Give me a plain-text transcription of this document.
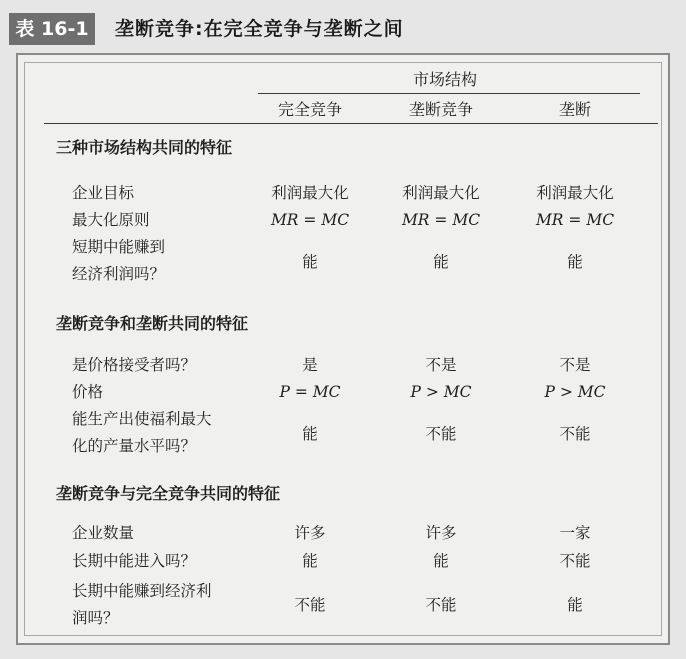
表 16-1	垄断竞争:在完全竞争与垄断之间
市场结构
完全竞争	垄断竞争	垄断
三种市场结构共同的特征
企业目标	利润最大化	利润最大化	利润最大化
最大化原则	MR = MC	MR = MC	MR = MC
短期中能赚到
经济利润吗？
能	能	能
垄断竞争和垄断共同的特征
是价格接受者吗？	是	不是	不是
价格	P = MC	P > MC	P > MC
能生产出使福利最大
化的产量水平吗？
能	不能	不能
垄断竞争与完全竞争共同的特征
企业数量	许多	许多	一家
长期中能进入吗？	能	能	不能
长期中能赚到经济利
润吗？
不能	不能	能
